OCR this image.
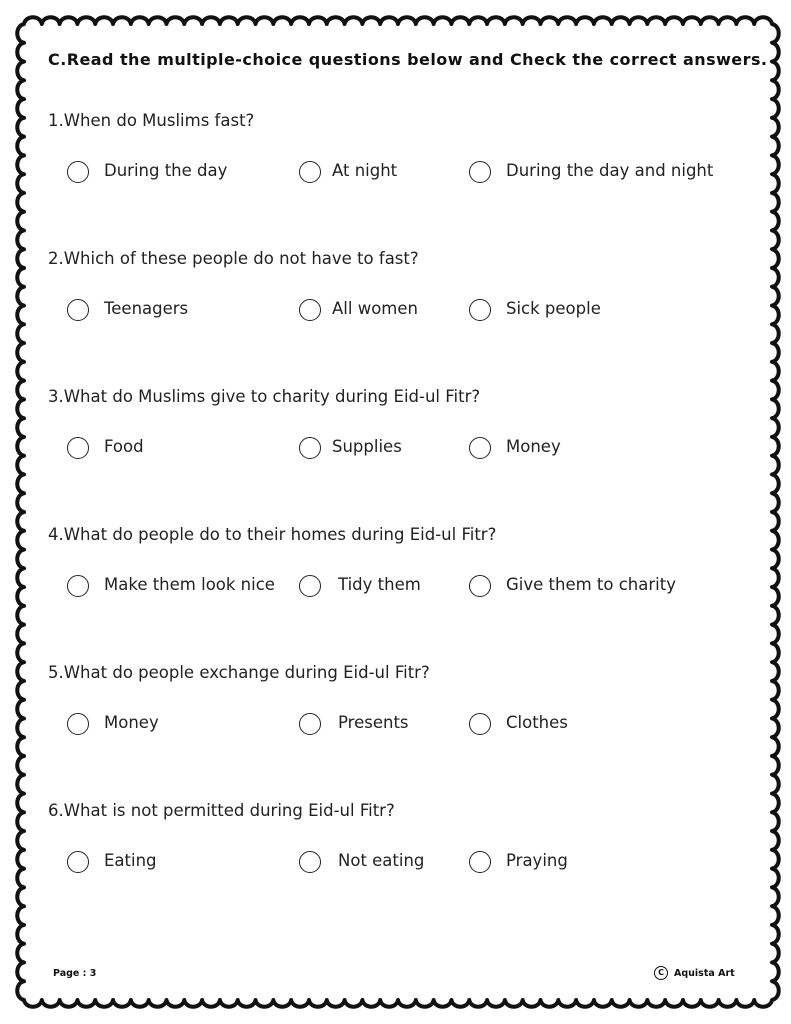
C.Read the multiple-choice questions below and Check the correct answers.
1.When do Muslims fast?
During the day	At night	During the day and night
2.Which of these people do not have to fast?
Teenagers	All women	Sick people
3.What do Muslims give to charity during Eid-ul Fitr?
Food	Supplies	Money
4.What do people do to their homes during Eid-ul Fitr?
Make them look nice	Tidy them	Give them to charity
5.What do people exchange during Eid-ul Fitr?
Money	Presents	Clothes
6.What is not permitted during Eid-ul Fitr?
Eating	Not eating	Praying
Page : 3	C	Aquista Art
